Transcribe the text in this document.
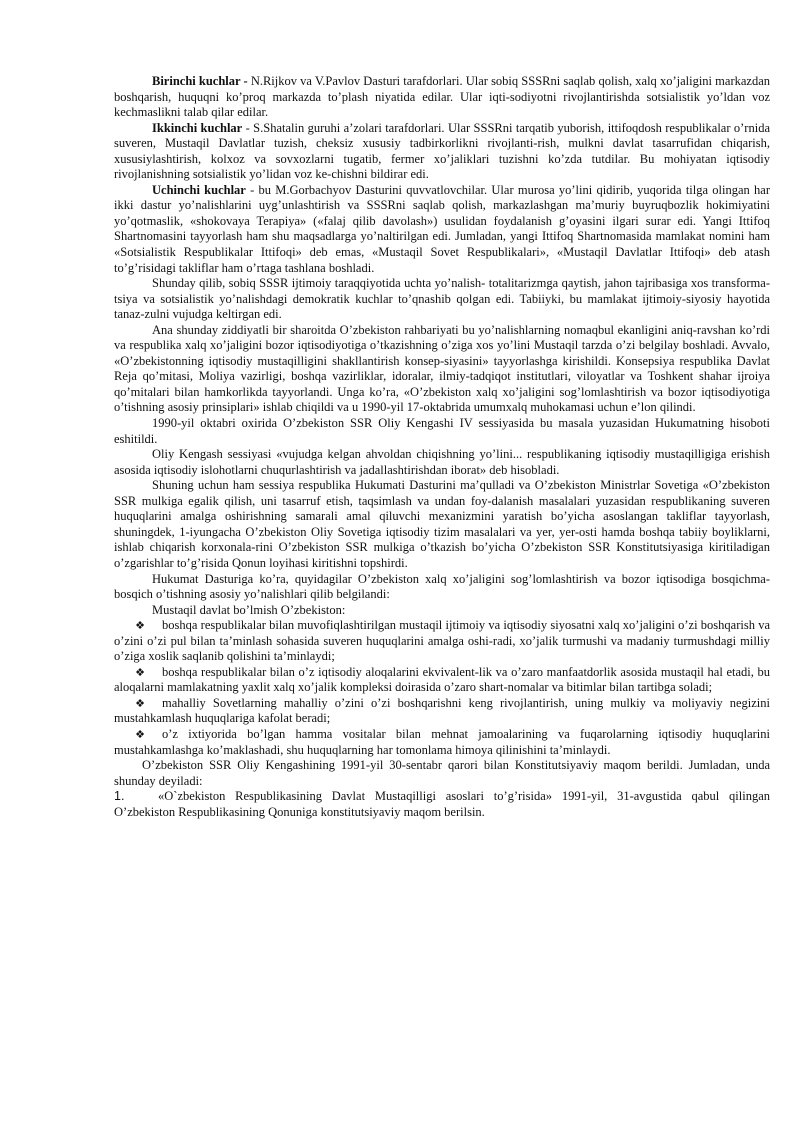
Birinchi kuchlar - N.Rijkov va V.Pavlov Dasturi tarafdorlari. Ular sobiq SSSRni saqlab qolish, xalq xo’jaligini markazdan boshqarish, huquqni ko’proq markazda to’plash niyatida edilar. Ular iqti-sodiyotni rivojlantirishda sotsialistik yo’ldan voz kechmaslikni talab qilar edilar.

Ikkinchi kuchlar - S.Shatalin guruhi a’zolari tarafdorlari. Ular SSSRni tarqatib yuborish, ittifoqdosh respublikalar o’rnida suveren, Mustaqil Davlatlar tuzish, cheksiz xususiy tadbirkorlikni rivojlanti-rish, mulkni davlat tasarrufidan chiqarish, xususiylashtirish, kolxoz va sovxozlarni tugatib, fermer xo’jaliklari tuzishni ko’zda tutdilar. Bu mohiyatan iqtisodiy rivojlanishning sotsialistik yo’lidan voz ke-chishni bildirar edi.

Uchinchi kuchlar - bu M.Gorbachyov Dasturini quvvatlovchilar. Ular murosa yo’lini qidirib, yuqorida tilga olingan har ikki dastur yo’nalishlarini uyg’unlashtirish va SSSRni saqlab qolish, markazlashgan ma’muriy buyruqbozlik hokimiyatini yo’qotmaslik, «shokovaya Terapiya» («falaj qilib davolash») usulidan foydalanish g’oyasini ilgari surar edi. Yangi Ittifoq Shartnomasini tayyorlash ham shu maqsadlarga yo’naltirilgan edi. Jumladan, yangi Ittifoq Shartnomasida mamlakat nomini ham «Sotsialistik Respublikalar Ittifoqi» deb emas, «Mustaqil Sovet Respublikalari», «Mustaqil Davlatlar Ittifoqi» deb atash to’g’risidagi takliflar ham o’rtaga tashlana boshladi.

Shunday qilib, sobiq SSSR ijtimoiy taraqqiyotida uchta yo’nalish- totalitarizmga qaytish, jahon tajribasiga xos transforma-tsiya va sotsialistik yo’nalishdagi demokratik kuchlar to’qnashib qolgan edi. Tabiiyki, bu mamlakat ijtimoiy-siyosiy hayotida tanaz-zulni vujudga keltirgan edi.

Ana shunday ziddiyatli bir sharoitda O’zbekiston rahbariyati bu yo’nalishlarning nomaqbul ekanligini aniq-ravshan ko’rdi va respublika xalq xo’jaligini bozor iqtisodiyotiga o’tkazishning o’ziga xos yo’lini Mustaqil tarzda o’zi belgilay boshladi. Avvalo, «O’zbekistonning iqtisodiy mustaqilligini shakllantirish konsep-siyasini» tayyorlashga kirishildi. Konsepsiya respublika Davlat Reja qo’mitasi, Moliya vazirligi, boshqa vazirliklar, idoralar, ilmiy-tadqiqot institutlari, viloyatlar va Toshkent shahar ijroiya qo’mitalari bilan hamkorlikda tayyorlandi. Unga ko’ra, «O’zbekiston xalq xo’jaligini sog’lomlashtirish va bozor iqtisodiyotiga o’tishning asosiy prinsiplari» ishlab chiqildi va u 1990-yil 17-oktabrida umumxalq muhokamasi uchun e’lon qilindi.

1990-yil oktabri oxirida O’zbekiston SSR Oliy Kengashi IV sessiyasida bu masala yuzasidan Hukumatning hisoboti eshitildi.

Oliy Kengash sessiyasi «vujudga kelgan ahvoldan chiqishning yo’lini... respublikaning iqtisodiy mustaqilligiga erishish asosida iqtisodiy islohotlarni chuqurlashtirish va jadallashtirishdan iborat» deb hisobladi.

Shuning uchun ham sessiya respublika Hukumati Dasturini ma’qulladi va O’zbekiston Ministrlar Sovetiga «O’zbekiston SSR mulkiga egalik qilish, uni tasarruf etish, taqsimlash va undan foy-dalanish masalalari yuzasidan respublikaning suveren huquqlarini amalga oshirishning samarali amal qiluvchi mexanizmini yaratish bo’yicha asoslangan takliflar tayyorlash, shuningdek, 1-iyungacha O’zbekiston Oliy Sovetiga iqtisodiy tizim masalalari va yer, yer-osti hamda boshqa tabiiy boyliklarni, ishlab chiqarish korxonala-rini O’zbekiston SSR mulkiga o’tkazish bo’yicha O’zbekiston SSR Konstitutsiyasiga kiritiladigan o’zgarishlar to’g’risida Qonun loyihasi kiritishni topshirdi.

Hukumat Dasturiga ko’ra, quyidagilar O’zbekiston xalq xo’jaligini sog’lomlashtirish va bozor iqtisodiga bosqichma-bosqich o’tishning asosiy yo’nalishlari qilib belgilandi:

Mustaqil davlat bo’lmish O’zbekiston:

❖ boshqa respublikalar bilan muvofiqlashtirilgan mustaqil ijtimoiy va iqtisodiy siyosatni xalq xo’jaligini o’zi boshqarish va o’zini o’zi pul bilan ta’minlash sohasida suveren huquqlarini amalga oshi-radi, xo’jalik turmushi va madaniy turmushdagi milliy o’ziga xoslik saqlanib qolishini ta’minlaydi;
❖ boshqa respublikalar bilan o’z iqtisodiy aloqalarini ekvivalent-lik va o’zaro manfaatdorlik asosida mustaqil hal etadi, bu aloqalarni mamlakatning yaxlit xalq xo’jalik kompleksi doirasida o’zaro shart-nomalar va bitimlar bilan tartibga soladi;
❖ mahalliy Sovetlarning mahalliy o’zini o’zi boshqarishni keng rivojlantirish, uning mulkiy va moliyaviy negizini mustahkamlash huquqlariga kafolat beradi;
❖ o’z ixtiyorida bo’lgan hamma vositalar bilan mehnat jamoalarining va fuqarolarning iqtisodiy huquqlarini mustahkamlashga ko’maklashadi, shu huquqlarning har tomonlama himoya qilinishini ta’minlaydi.

O’zbekiston SSR Oliy Kengashining 1991-yil 30-sentabr qarori bilan Konstitutsiyaviy maqom berildi. Jumladan, unda shunday deyiladi:

1.	«O`zbekiston Respublikasining Davlat Mustaqilligi asoslari to’g’risida» 1991-yil, 31-avgustida qabul qilingan O’zbekiston Respublikasining Qonuniga konstitutsiyaviy maqom berilsin.
